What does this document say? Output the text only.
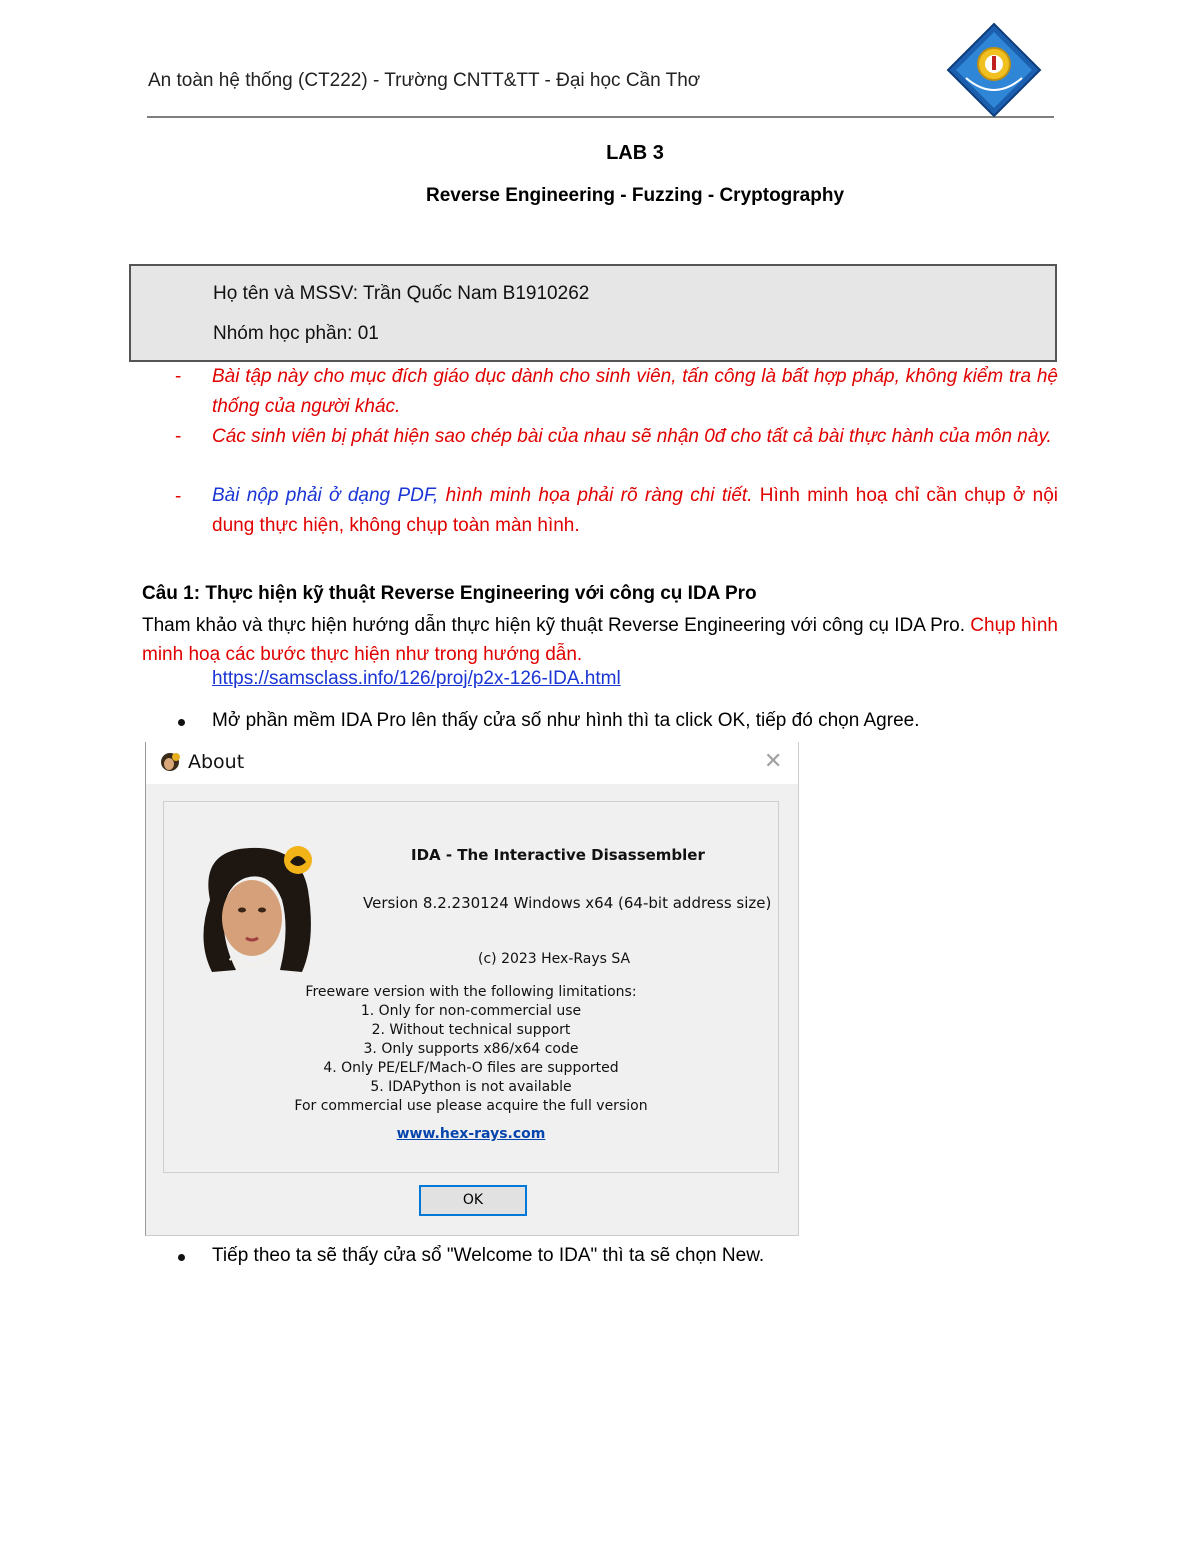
An toàn hệ thống (CT222) - Trường CNTT&TT - Đại học Cần Thơ
LAB 3
Reverse Engineering - Fuzzing - Cryptography
Họ tên và MSSV: Trần Quốc Nam B1910262
Nhóm học phần: 01
- Bài tập này cho mục đích giáo dục dành cho sinh viên, tấn công là bất hợp pháp, không kiểm tra hệ thống của người khác.
- Các sinh viên bị phát hiện sao chép bài của nhau sẽ nhận 0đ cho tất cả bài thực hành của môn này.
- Bài nộp phải ở dạng PDF, hình minh họa phải rõ ràng chi tiết. Hình minh hoạ chỉ cần chụp ở nội dung thực hiện, không chụp toàn màn hình.
Câu 1: Thực hiện kỹ thuật Reverse Engineering với công cụ IDA Pro
Tham khảo và thực hiện hướng dẫn thực hiện kỹ thuật Reverse Engineering với công cụ IDA Pro. Chụp hình minh hoạ các bước thực hiện như trong hướng dẫn.
https://samsclass.info/126/proj/p2x-126-IDA.html
Mở phần mềm IDA Pro lên thấy cửa số như hình thì ta click OK, tiếp đó chọn Agree.
About	✕
IDA - The Interactive Disassembler
Version 8.2.230124 Windows x64 (64-bit address size)
(c) 2023 Hex-Rays SA
Freeware version with the following limitations:
1. Only for non-commercial use
2. Without technical support
3. Only supports x86/x64 code
4. Only PE/ELF/Mach-O files are supported
5. IDAPython is not available
For commercial use please acquire the full version
www.hex-rays.com
OK
Tiếp theo ta sẽ thấy cửa sổ "Welcome to IDA" thì ta sẽ chọn New.
